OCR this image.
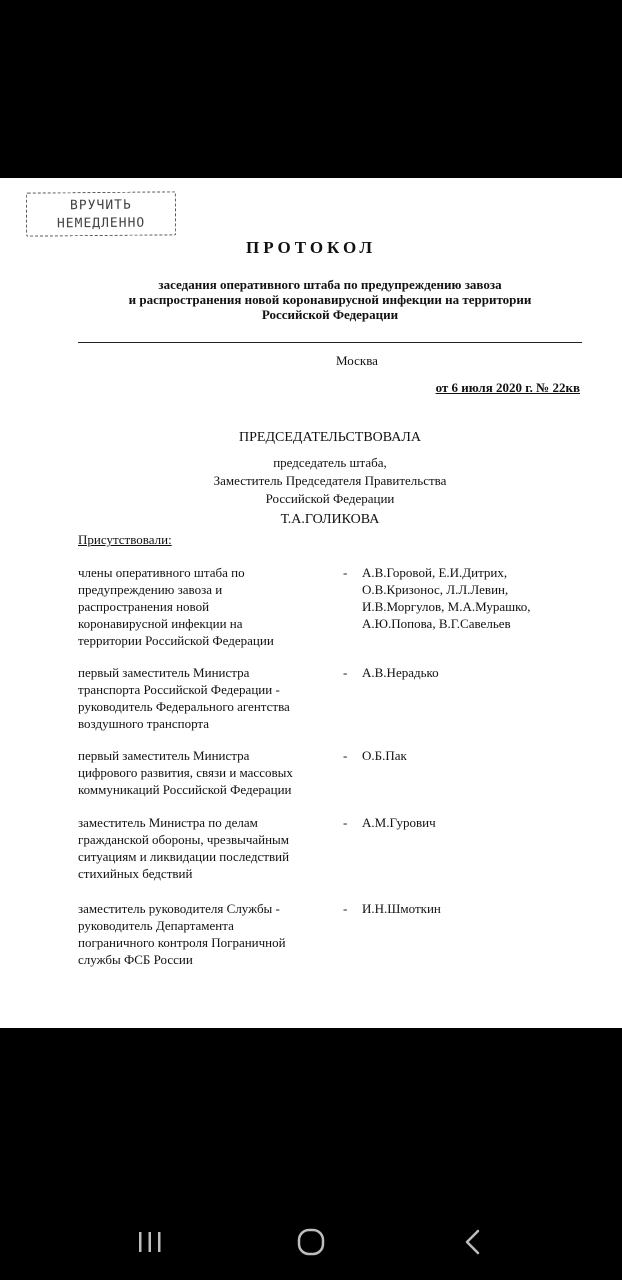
ВРУЧИТЬ
НЕМЕДЛЕННО
ПРОТОКОЛ
заседания оперативного штаба по предупреждению завоза
и распространения новой коронавирусной инфекции на территории
Российской Федерации
Москва
от 6 июля 2020 г. № 22кв
ПРЕДСЕДАТЕЛЬСТВОВАЛА
председатель штаба,
Заместитель Председателя Правительства
Российской Федерации
Т.А.ГОЛИКОВА
Присутствовали:
члены оперативного штаба по
предупреждению завоза и
распространения новой
коронавирусной инфекции на
территории Российской Федерации
- А.В.Горовой, Е.И.Дитрих,
О.В.Кризонос, Л.Л.Левин,
И.В.Моргулов, М.А.Мурашко,
А.Ю.Попова, В.Г.Савельев
первый заместитель Министра
транспорта Российской Федерации -
руководитель Федерального агентства
воздушного транспорта
- А.В.Нерадько
первый заместитель Министра
цифрового развития, связи и массовых
коммуникаций Российской Федерации
- О.Б.Пак
заместитель Министра по делам
гражданской обороны, чрезвычайным
ситуациям и ликвидации последствий
стихийных бедствий
- А.М.Гурович
заместитель руководителя Службы -
руководитель Департамента
пограничного контроля Пограничной
службы ФСБ России
- И.Н.Шмоткин
